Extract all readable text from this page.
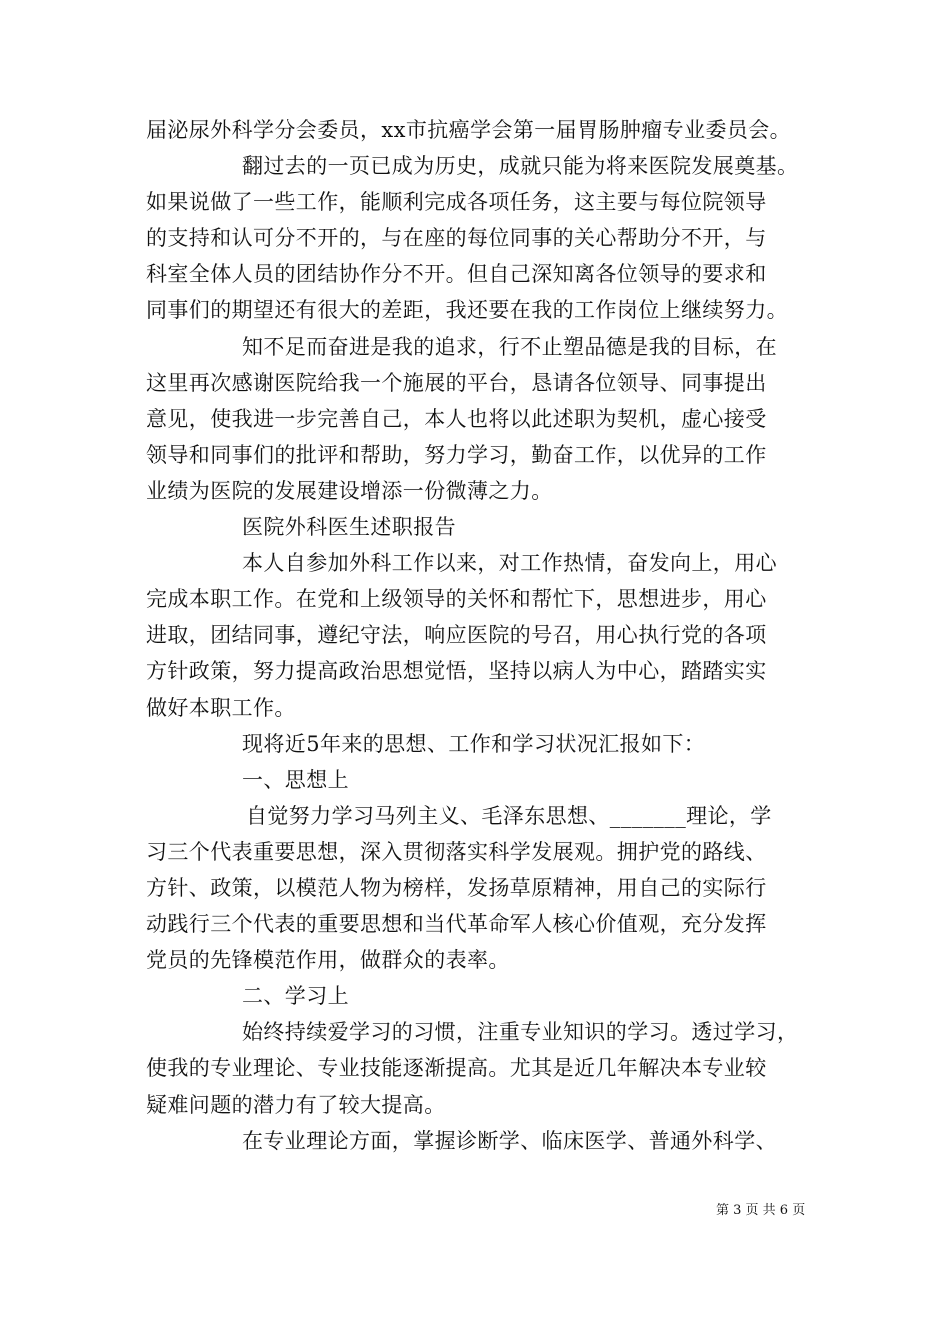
届泌尿外科学分会委员，xx市抗癌学会第一届胃肠肿瘤专业委员会。
翻过去的一页已成为历史，成就只能为将来医院发展奠基。
如果说做了一些工作，能顺利完成各项任务，这主要与每位院领导
的支持和认可分不开的，与在座的每位同事的关心帮助分不开，与
科室全体人员的团结协作分不开。但自己深知离各位领导的要求和
同事们的期望还有很大的差距，我还要在我的工作岗位上继续努力。
知不足而奋进是我的追求，行不止塑品德是我的目标，在
这里再次感谢医院给我一个施展的平台，恳请各位领导、同事提出
意见，使我进一步完善自己，本人也将以此述职为契机，虚心接受
领导和同事们的批评和帮助，努力学习，勤奋工作，以优异的工作
业绩为医院的发展建设增添一份微薄之力。
医院外科医生述职报告
本人自参加外科工作以来，对工作热情，奋发向上，用心
完成本职工作。在党和上级领导的关怀和帮忙下，思想进步，用心
进取，团结同事，遵纪守法，响应医院的号召，用心执行党的各项
方针政策，努力提高政治思想觉悟，坚持以病人为中心，踏踏实实
做好本职工作。
现将近5年来的思想、工作和学习状况汇报如下：
一、思想上
自觉努力学习马列主义、毛泽东思想、_______理论，学
习三个代表重要思想，深入贯彻落实科学发展观。拥护党的路线、
方针、政策，以模范人物为榜样，发扬草原精神，用自己的实际行
动践行三个代表的重要思想和当代革命军人核心价值观，充分发挥
党员的先锋模范作用，做群众的表率。
二、学习上
始终持续爱学习的习惯，注重专业知识的学习。透过学习，
使我的专业理论、专业技能逐渐提高。尤其是近几年解决本专业较
疑难问题的潜力有了较大提高。
在专业理论方面，掌握诊断学、临床医学、普通外科学、
第 3 页 共 6 页
